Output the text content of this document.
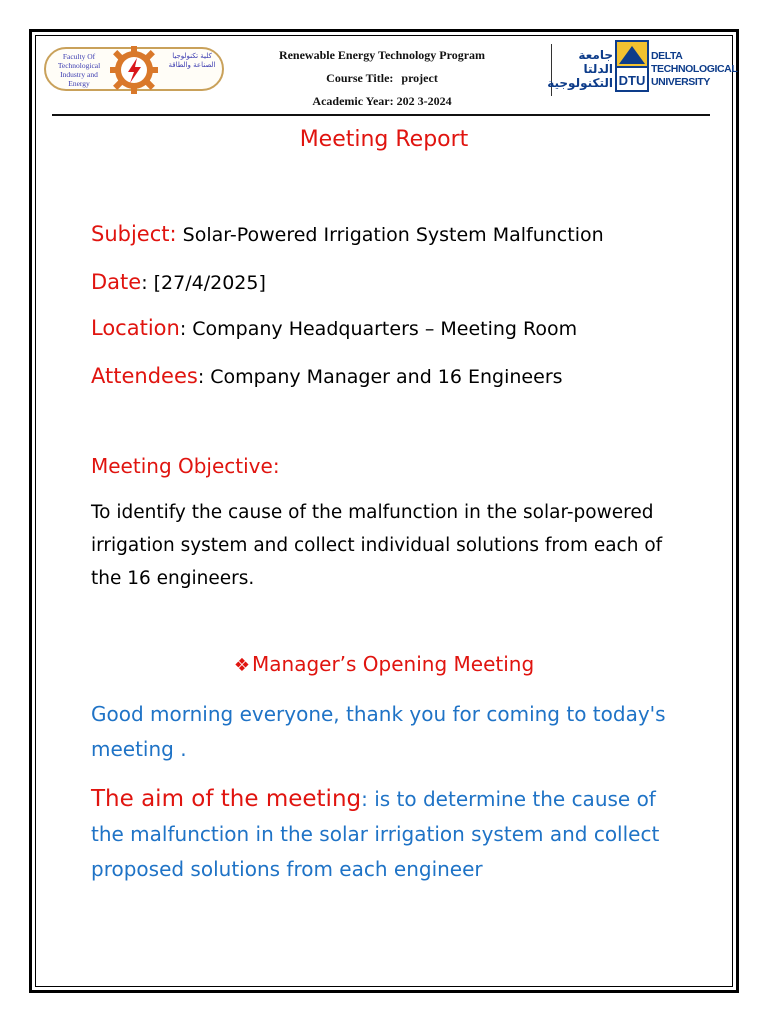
Faculty Of Technological Industry and Energy
كلية تكنولوجيا الصناعة والطاقة
Renewable Energy Technology Program
Course Title: project
Academic Year: 202 3-2024
جامعة الدلتا التكنولوجية DTU
DELTA TECHNOLOGICAL UNIVERSITY
Meeting Report
Subject: Solar-Powered Irrigation System Malfunction
Date: [27/4/2025]
Location: Company Headquarters – Meeting Room
Attendees: Company Manager and 16 Engineers
Meeting Objective:
To identify the cause of the malfunction in the solar-powered irrigation system and collect individual solutions from each of the 16 engineers.
❖ Manager’s Opening Meeting
Good morning everyone, thank you for coming to today's meeting .
The aim of the meeting: is to determine the cause of the malfunction in the solar irrigation system and collect proposed solutions from each engineer
